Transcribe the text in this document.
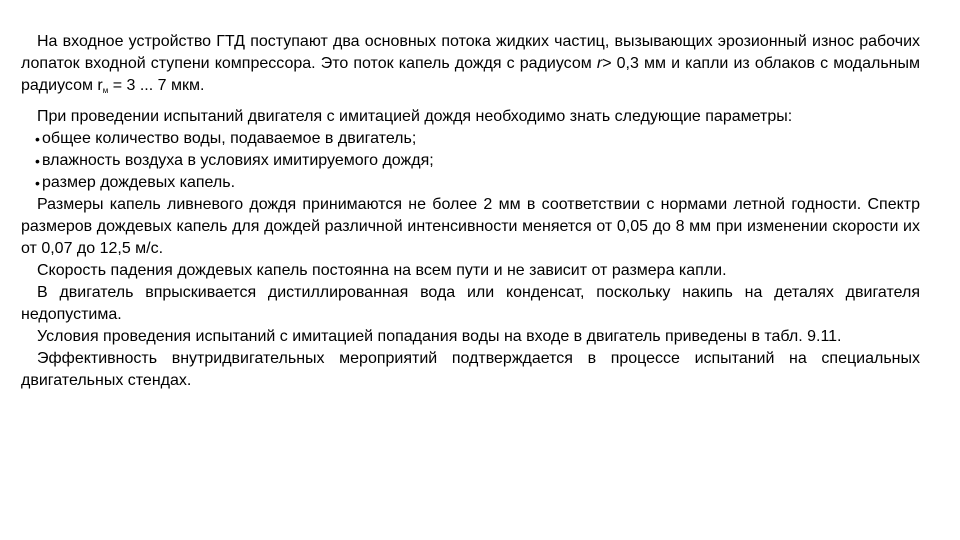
На входное устройство ГТД поступают два основных потока жидких частиц, вызывающих эрозионный износ рабочих лопаток входной ступени компрессора. Это поток капель дождя с радиусом r> 0,3 мм и капли из облаков с модальным радиусом $r_м = 3$ ... 7 мкм.

При проведении испытаний двигателя с имитацией дождя необходимо знать следующие параметры:

общее количество воды, подаваемое в двигатель;

влажность воздуха в условиях имитируемого дождя;

размер дождевых капель.

Размеры капель ливневого дождя принимаются не более 2 мм в соответствии с нормами летной годности. Спектр размеров дождевых капель для дождей различной интенсивности меняется от 0,05 до 8 мм при изменении скорости их от 0,07 до 12,5 м/с.

Скорость падения дождевых капель постоянна на всем пути и не зависит от размера капли.

В двигатель впрыскивается дистиллированная вода или конденсат, поскольку накипь на деталях двигателя недопустима.

Условия проведения испытаний с имитацией попадания воды на входе в двигатель приведены в табл. 9.11.

Эффективность внутридвигательных мероприятий подтверждается в процессе испытаний на специальных двигательных стендах.
